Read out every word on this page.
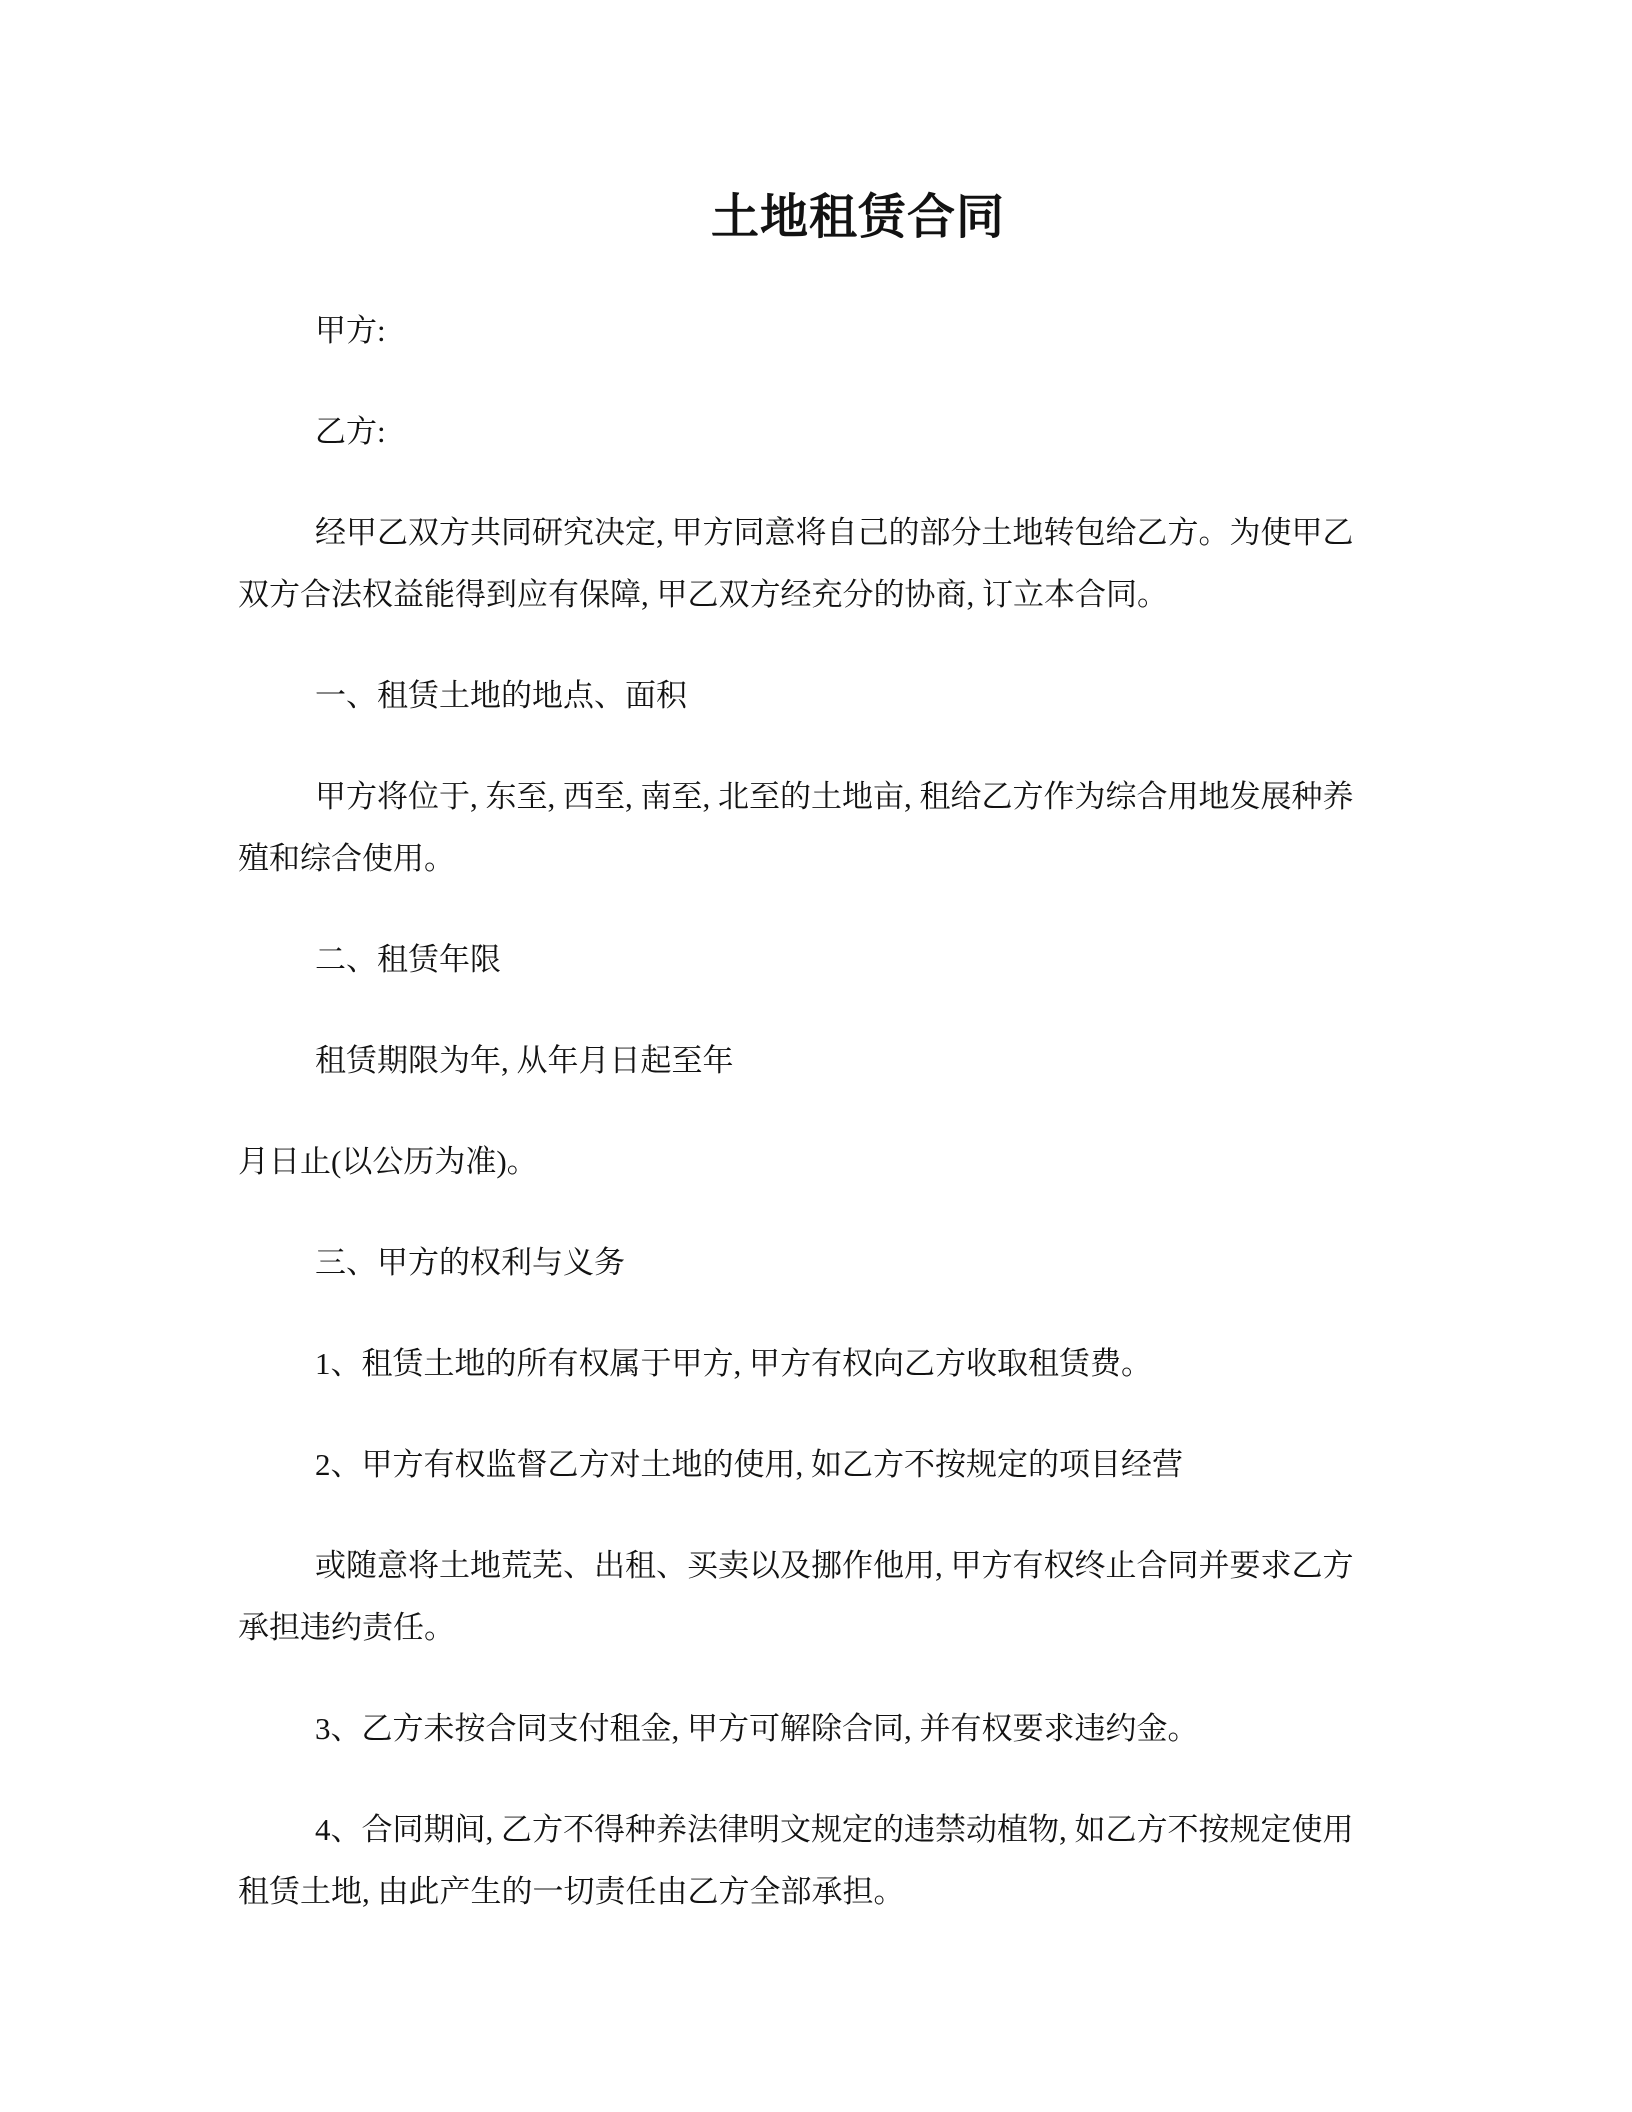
土地租赁合同
甲方:
乙方:
经甲乙双方共同研究决定, 甲方同意将自己的部分土地转包给乙方。为使甲乙
双方合法权益能得到应有保障, 甲乙双方经充分的协商, 订立本合同。
一、租赁土地的地点、面积
甲方将位于, 东至, 西至, 南至, 北至的土地亩, 租给乙方作为综合用地发展种养
殖和综合使用。
二、租赁年限
租赁期限为年, 从年月日起至年
月日止(以公历为准)。
三、甲方的权利与义务
1、租赁土地的所有权属于甲方, 甲方有权向乙方收取租赁费。
2、甲方有权监督乙方对土地的使用, 如乙方不按规定的项目经营
或随意将土地荒芜、出租、买卖以及挪作他用, 甲方有权终止合同并要求乙方
承担违约责任。
3、乙方未按合同支付租金, 甲方可解除合同, 并有权要求违约金。
4、合同期间, 乙方不得种养法律明文规定的违禁动植物, 如乙方不按规定使用
租赁土地, 由此产生的一切责任由乙方全部承担。
